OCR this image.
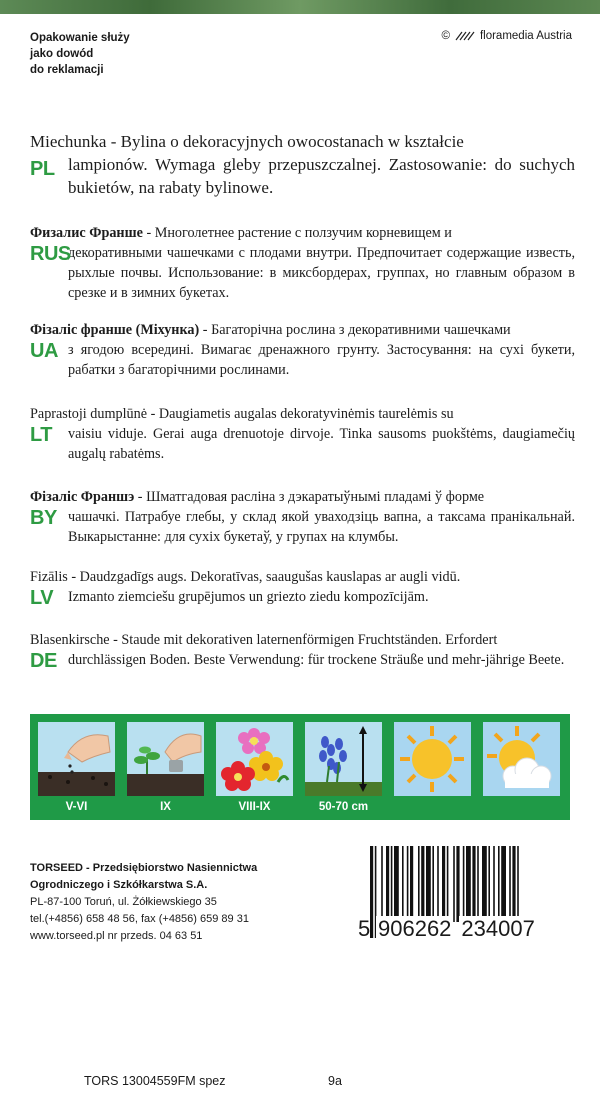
Opakowanie służy
jako dowód
do reklamacji
©	floramedia Austria
PL
Miechunka - Bylina o dekoracyjnych owocostanach w kształcie
lampionów. Wymaga gleby przepuszczalnej. Zastosowanie: do suchych bukietów, na rabaty bylinowe.
RUS
Физалис Франше - Многолетнее растение с ползучим корневищем и
декоративными чашечками с плодами внутри. Предпочитает содержащие известь, рыхлые почвы. Использование: в миксбордерах, группах, но главным образом в срезке и в зимних букетах.
UA
Фізаліс франше (Міхунка) - Багаторічна рослина з декоративними чашечками
з ягодою всередині. Вимагає дренажного грунту. Застосування: на сухі букети, рабатки з багаторічними рослинами.
LT
Paprastoji dumplūnė - Daugiametis augalas dekoratyvinėmis taurelėmis su
vaisiu viduje. Gerai auga drenuotoje dirvoje. Tinka sausoms puokštėms, daugiamečių augalų rabatėms.
BY
Фізаліс Франшэ - Шматгадовая расліна з дэкаратыўнымі пладамі ў форме
чашачкі. Патрабуе глебы, у склад якой уваходзіць вапна, а таксама пранікальнай. Выкарыстанне: для сухіх букетаў, у групах на клумбы.
LV
Fizālis - Daudzgadīgs augs. Dekoratīvas, saaugušas kauslapas ar augli vidū.
Izmanto ziemciešu grupējumos un griezto ziedu kompozīcijām.
DE
Blasenkirsche - Staude mit dekorativen laternenförmigen Fruchtständen. Erfordert
durchlässigen Boden. Beste Verwendung: für trockene Sträuße und mehr-jährige Beete.
V-VI	IX	VIII-IX	50-70 cm
TORSEED - Przedsiębiorstwo Nasiennictwa
Ogrodniczego i Szkółkarstwa S.A.
PL-87-100 Toruń, ul. Żółkiewskiego 35
tel.(+4856) 658 48 56, fax (+4856) 659 89 31
www.torseed.pl nr przeds. 04 63 51	5 906262 234007
TORS 13004559FM spez	9a
